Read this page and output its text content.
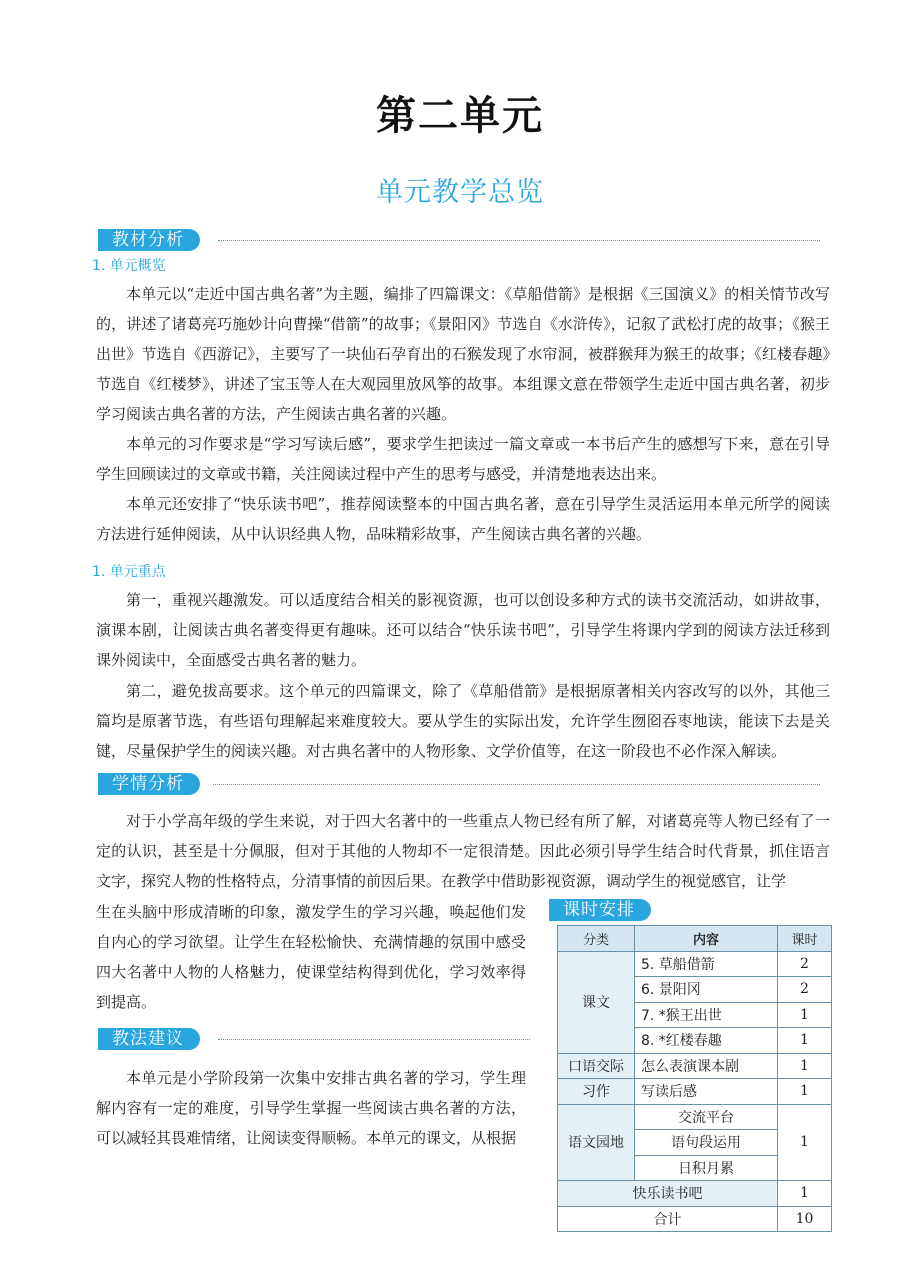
第二单元
单元教学总览
教材分析
1. 单元概览

本单元以“走近中国古典名著”为主题，编排了四篇课文：《草船借箭》是根据《三国演义》的相关情节改写的，讲述了诸葛亮巧施妙计向曹操“借箭”的故事；《景阳冈》节选自《水浒传》，记叙了武松打虎的故事；《猴王出世》节选自《西游记》，主要写了一块仙石孕育出的石猴发现了水帘洞，被群猴拜为猴王的故事；《红楼春趣》节选自《红楼梦》，讲述了宝玉等人在大观园里放风筝的故事。本组课文意在带领学生走近中国古典名著，初步学习阅读古典名著的方法，产生阅读古典名著的兴趣。

本单元的习作要求是“学习写读后感”，要求学生把读过一篇文章或一本书后产生的感想写下来，意在引导学生回顾读过的文章或书籍，关注阅读过程中产生的思考与感受，并清楚地表达出来。

本单元还安排了“快乐读书吧”，推荐阅读整本的中国古典名著，意在引导学生灵活运用本单元所学的阅读方法进行延伸阅读，从中认识经典人物，品味精彩故事，产生阅读古典名著的兴趣。

1. 单元重点

第一，重视兴趣激发。可以适度结合相关的影视资源，也可以创设多种方式的读书交流活动，如讲故事，演课本剧，让阅读古典名著变得更有趣味。还可以结合“快乐读书吧”，引导学生将课内学到的阅读方法迁移到课外阅读中，全面感受古典名著的魅力。

第二，避免拔高要求。这个单元的四篇课文，除了《草船借箭》是根据原著相关内容改写的以外，其他三篇均是原著节选，有些语句理解起来难度较大。要从学生的实际出发，允许学生囫囵吞枣地读，能读下去是关键，尽量保护学生的阅读兴趣。对古典名著中的人物形象、文学价值等，在这一阶段也不必作深入解读。

学情分析

对于小学高年级的学生来说，对于四大名著中的一些重点人物已经有所了解，对诸葛亮等人物已经有了一定的认识，甚至是十分佩服，但对于其他的人物却不一定很清楚。因此必须引导学生结合时代背景，抓住语言文字，探究人物的性格特点，分清事情的前因后果。在教学中借助影视资源，调动学生的视觉感官，让学

生在头脑中形成清晰的印象，激发学生的学习兴趣，唤起他们发自内心的学习欲望。让学生在轻松愉快、充满情趣的氛围中感受四大名著中人物的人格魅力，使课堂结构得到优化，学习效率得到提高。

教法建议

本单元是小学阶段第一次集中安排古典名著的学习，学生理解内容有一定的难度，引导学生掌握一些阅读古典名著的方法，可以减轻其畏难情绪，让阅读变得顺畅。本单元的课文，从根据

课时安排
分类	内容	课时
课文	5. 草船借箭	2
	6. 景阳冈	2
	7. *猴王出世	1
	8. *红楼春趣	1
口语交际	怎么表演课本剧	1
习作	写读后感	1
语文园地	交流平台	1
	语句段运用	
	日积月累	
快乐读书吧		1
合计		10
